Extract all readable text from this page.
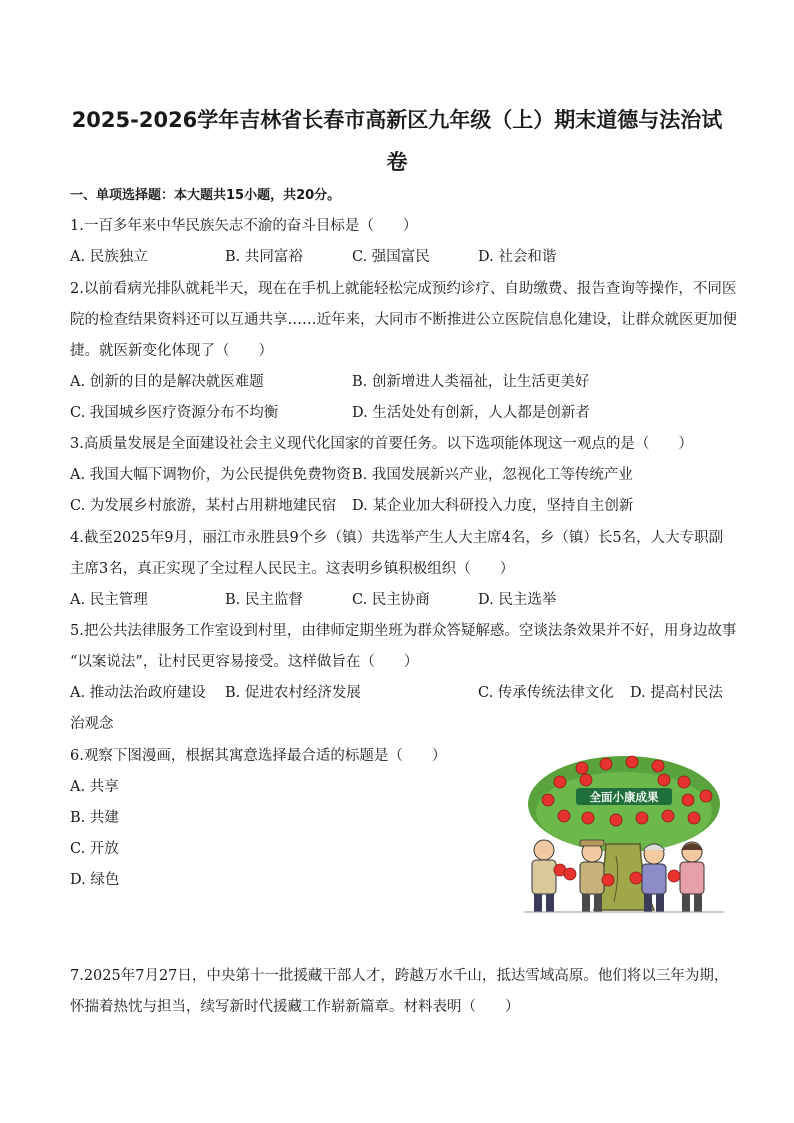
2025-2026学年吉林省长春市高新区九年级（上）期末道德与法治试
卷
一、单项选择题：本大题共15小题，共20分。
1.一百多年来中华民族矢志不渝的奋斗目标是（　　）
A. 民族独立	B. 共同富裕	C. 强国富民	D. 社会和谐
2.以前看病光排队就耗半天，现在在手机上就能轻松完成预约诊疗、自助缴费、报告查询等操作，不同医
院的检查结果资料还可以互通共享……近年来，大同市不断推进公立医院信息化建设，让群众就医更加便
捷。就医新变化体现了（　　）
A. 创新的目的是解决就医难题	B. 创新增进人类福祉，让生活更美好
C. 我国城乡医疗资源分布不均衡	D. 生活处处有创新，人人都是创新者
3.高质量发展是全面建设社会主义现代化国家的首要任务。以下选项能体现这一观点的是（　　）
A. 我国大幅下调物价，为公民提供免费物资 B. 我国发展新兴产业，忽视化工等传统产业
C. 为发展乡村旅游，某村占用耕地建民宿 D. 某企业加大科研投入力度，坚持自主创新
4.截至2025年9月，丽江市永胜县9个乡（镇）共选举产生人大主席4名，乡（镇）长5名，人大专职副
主席3名，真正实现了全过程人民民主。这表明乡镇积极组织（　　）
A. 民主管理	B. 民主监督	C. 民主协商	D. 民主选举
5.把公共法律服务工作室设到村里，由律师定期坐班为群众答疑解惑。空谈法条效果并不好，用身边故事
“以案说法”，让村民更容易接受。这样做旨在（　　）
A. 推动法治政府建设 B. 促进农村经济发展	C. 传承传统法律文化 D. 提高村民法
治观念
6.观察下图漫画，根据其寓意选择最合适的标题是（　　）
A. 共享
B. 共建
C. 开放
D. 绿色
全面小康成果
7.2025年7月27日，中央第十一批援藏干部人才，跨越万水千山，抵达雪域高原。他们将以三年为期，
怀揣着热忱与担当，续写新时代援藏工作崭新篇章。材料表明（　　）
